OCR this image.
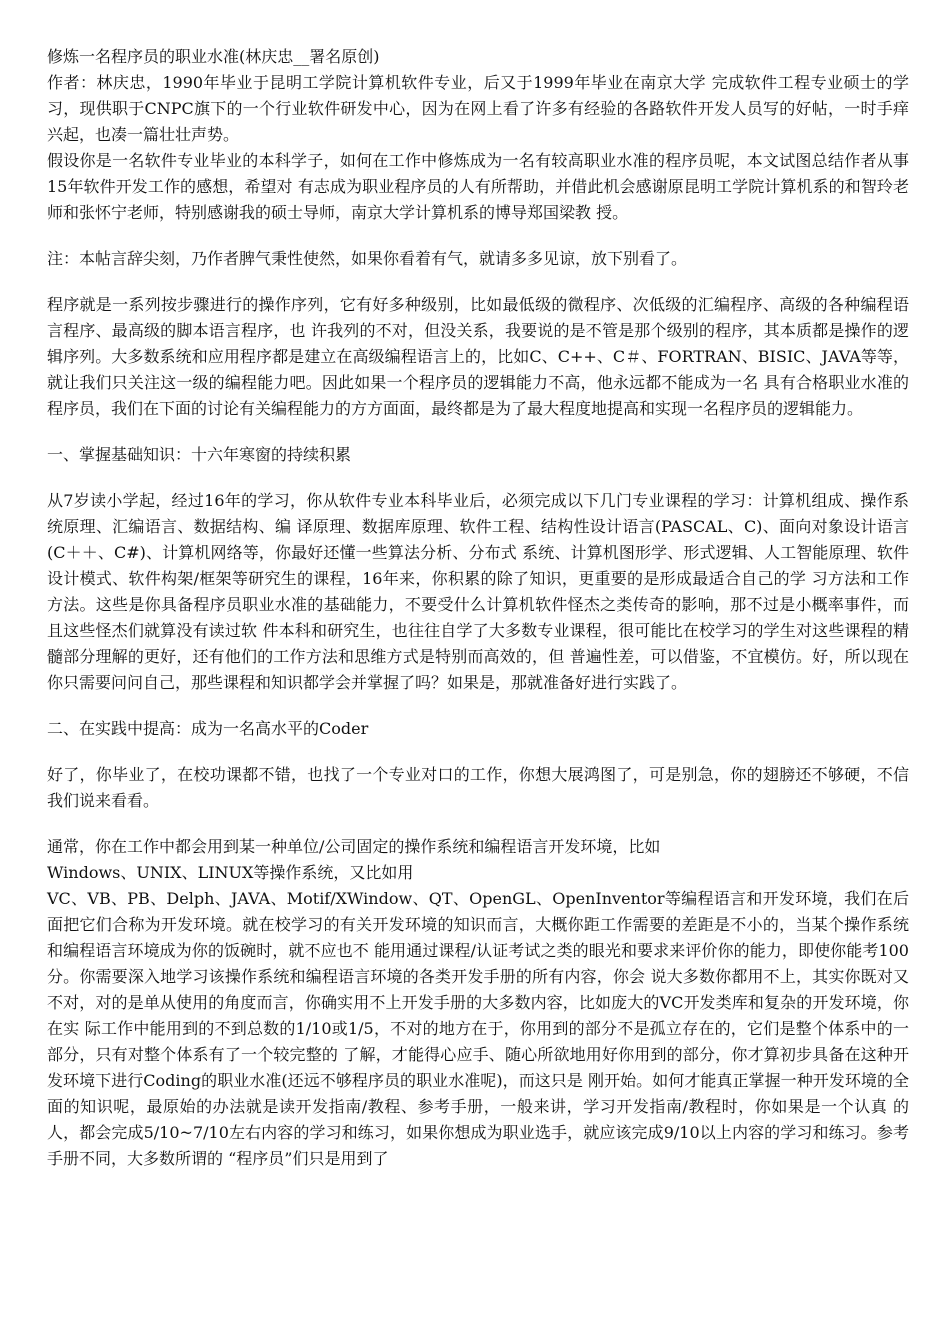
修炼一名程序员的职业水准(林庆忠__署名原创)

作者：林庆忠，1990年毕业于昆明工学院计算机软件专业，后又于1999年毕业在南京大学 完成软件工程专业硕士的学习，现供职于CNPC旗下的一个行业软件研发中心，因为在网上看了许多有经验的各路软件开发人员写的好帖，一时手痒兴起，也凑一篇壮壮声势。

假设你是一名软件专业毕业的本科学子，如何在工作中修炼成为一名有较高职业水准的程序员呢，本文试图总结作者从事15年软件开发工作的感想，希望对 有志成为职业程序员的人有所帮助，并借此机会感谢原昆明工学院计算机系的和智玲老师和张怀宁老师，特别感谢我的硕士导师，南京大学计算机系的博导郑国梁教 授。

注：本帖言辞尖刻，乃作者脾气秉性使然，如果你看着有气，就请多多见谅，放下别看了。

程序就是一系列按步骤进行的操作序列，它有好多种级别，比如最低级的微程序、次低级的汇编程序、高级的各种编程语言程序、最高级的脚本语言程序，也 许我列的不对，但没关系，我要说的是不管是那个级别的程序，其本质都是操作的逻辑序列。大多数系统和应用程序都是建立在高级编程语言上的，比如C、C++、C＃、FORTRAN、BISIC、JAVA等等，就让我们只关注这一级的编程能力吧。因此如果一个程序员的逻辑能力不高，他永远都不能成为一名 具有合格职业水准的程序员，我们在下面的讨论有关编程能力的方方面面，最终都是为了最大程度地提高和实现一名程序员的逻辑能力。

一、掌握基础知识：十六年寒窗的持续积累

从7岁读小学起，经过16年的学习，你从软件专业本科毕业后，必须完成以下几门专业课程的学习：计算机组成、操作系统原理、汇编语言、数据结构、编 译原理、数据库原理、软件工程、结构性设计语言(PASCAL、C)、面向对象设计语言(C＋＋、C#)、计算机网络等，你最好还懂一些算法分析、分布式 系统、计算机图形学、形式逻辑、人工智能原理、软件设计模式、软件构架/框架等研究生的课程，16年来，你积累的除了知识，更重要的是形成最适合自己的学 习方法和工作方法。这些是你具备程序员职业水准的基础能力，不要受什么计算机软件怪杰之类传奇的影响，那不过是小概率事件，而且这些怪杰们就算没有读过软 件本科和研究生，也往往自学了大多数专业课程，很可能比在校学习的学生对这些课程的精髓部分理解的更好，还有他们的工作方法和思维方式是特别而高效的，但 普遍性差，可以借鉴，不宜模仿。好，所以现在你只需要问问自己，那些课程和知识都学会并掌握了吗？如果是，那就准备好进行实践了。

二、在实践中提高：成为一名高水平的Coder

好了，你毕业了，在校功课都不错，也找了一个专业对口的工作，你想大展鸿图了，可是别急，你的翅膀还不够硬，不信我们说来看看。

通常，你在工作中都会用到某一种单位/公司固定的操作系统和编程语言开发环境，比如

Windows、UNIX、LINUX等操作系统，又比如用

VC、VB、PB、Delph、JAVA、Motif/XWindow、QT、OpenGL、OpenInventor等编程语言和开发环境，我们在后面把它们合称为开发环境。就在校学习的有关开发环境的知识而言，大概你距工作需要的差距是不小的，当某个操作系统和编程语言环境成为你的饭碗时，就不应也不 能用通过课程/认证考试之类的眼光和要求来评价你的能力，即使你能考100分。你需要深入地学习该操作系统和编程语言环境的各类开发手册的所有内容，你会 说大多数你都用不上，其实你既对又不对，对的是单从使用的角度而言，你确实用不上开发手册的大多数内容，比如庞大的VC开发类库和复杂的开发环境，你在实 际工作中能用到的不到总数的1/10或1/5，不对的地方在于，你用到的部分不是孤立存在的，它们是整个体系中的一部分，只有对整个体系有了一个较完整的 了解，才能得心应手、随心所欲地用好你用到的部分，你才算初步具备在这种开发环境下进行Coding的职业水准(还远不够程序员的职业水准呢)，而这只是 刚开始。如何才能真正掌握一种开发环境的全面的知识呢，最原始的办法就是读开发指南/教程、参考手册，一般来讲，学习开发指南/教程时，你如果是一个认真 的人，都会完成5/10~7/10左右内容的学习和练习，如果你想成为职业选手，就应该完成9/10以上内容的学习和练习。参考手册不同，大多数所谓的 “程序员”们只是用到了
